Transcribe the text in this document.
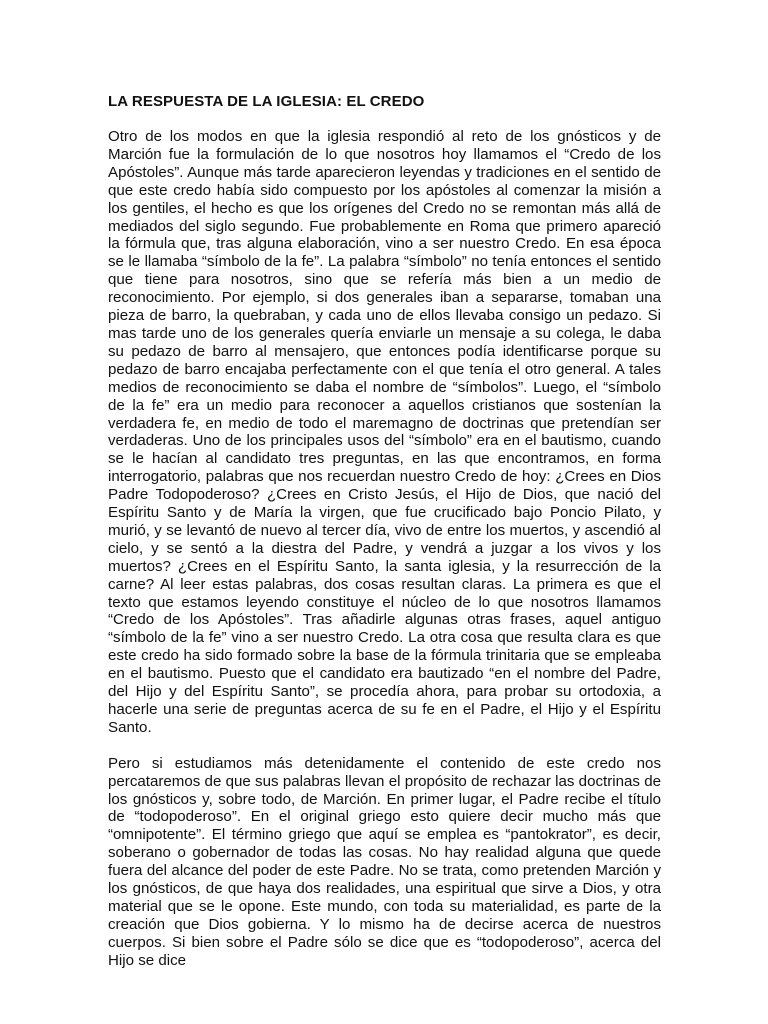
LA RESPUESTA DE LA IGLESIA: EL CREDO

Otro de los modos en que la iglesia respondió al reto de los gnósticos y de Marción fue la formulación de lo que nosotros hoy llamamos el “Credo de los Apóstoles”. Aunque más tarde aparecieron leyendas y tradiciones en el sentido de que este credo había sido compuesto por los apóstoles al comenzar la misión a los gentiles, el hecho es que los orígenes del Credo no se remontan más allá de mediados del siglo segundo. Fue probablemente en Roma que primero apareció la fórmula que, tras alguna elaboración, vino a ser nuestro Credo. En esa época se le llamaba “símbolo de la fe”. La palabra “símbolo” no tenía entonces el sentido que tiene para nosotros, sino que se refería más bien a un medio de reconocimiento. Por ejemplo, si dos generales iban a separarse, tomaban una pieza de barro, la quebraban, y cada uno de ellos llevaba consigo un pedazo. Si mas tarde uno de los generales quería enviarle un mensaje a su colega, le daba su pedazo de barro al mensajero, que entonces podía identificarse porque su pedazo de barro encajaba perfectamente con el que tenía el otro general. A tales medios de reconocimiento se daba el nombre de “símbolos”. Luego, el “símbolo de la fe” era un medio para reconocer a aquellos cristianos que sostenían la verdadera fe, en medio de todo el maremagno de doctrinas que pretendían ser verdaderas. Uno de los principales usos del “símbolo” era en el bautismo, cuando se le hacían al candidato tres preguntas, en las que encontramos, en forma interrogatorio, palabras que nos recuerdan nuestro Credo de hoy: ¿Crees en Dios Padre Todopoderoso? ¿Crees en Cristo Jesús, el Hijo de Dios, que nació del Espíritu Santo y de María la virgen, que fue crucificado bajo Poncio Pilato, y murió, y se levantó de nuevo al tercer día, vivo de entre los muertos, y ascendió al cielo, y se sentó a la diestra del Padre, y vendrá a juzgar a los vivos y los muertos? ¿Crees en el Espíritu Santo, la santa iglesia, y la resurrección de la carne? Al leer estas palabras, dos cosas resultan claras. La primera es que el texto que estamos leyendo constituye el núcleo de lo que nosotros llamamos “Credo de los Apóstoles”. Tras añadirle algunas otras frases, aquel antiguo “símbolo de la fe” vino a ser nuestro Credo. La otra cosa que resulta clara es que este credo ha sido formado sobre la base de la fórmula trinitaria que se empleaba en el bautismo. Puesto que el candidato era bautizado “en el nombre del Padre, del Hijo y del Espíritu Santo”, se procedía ahora, para probar su ortodoxia, a hacerle una serie de preguntas acerca de su fe en el Padre, el Hijo y el Espíritu Santo.

Pero si estudiamos más detenidamente el contenido de este credo nos percataremos de que sus palabras llevan el propósito de rechazar las doctrinas de los gnósticos y, sobre todo, de Marción. En primer lugar, el Padre recibe el título de “todopoderoso”. En el original griego esto quiere decir mucho más que “omnipotente”. El término griego que aquí se emplea es “pantokrator”, es decir, soberano o gobernador de todas las cosas. No hay realidad alguna que quede fuera del alcance del poder de este Padre. No se trata, como pretenden Marción y los gnósticos, de que haya dos realidades, una espiritual que sirve a Dios, y otra material que se le opone. Este mundo, con toda su materialidad, es parte de la creación que Dios gobierna. Y lo mismo ha de decirse acerca de nuestros cuerpos. Si bien sobre el Padre sólo se dice que es “todopoderoso”, acerca del Hijo se dice
